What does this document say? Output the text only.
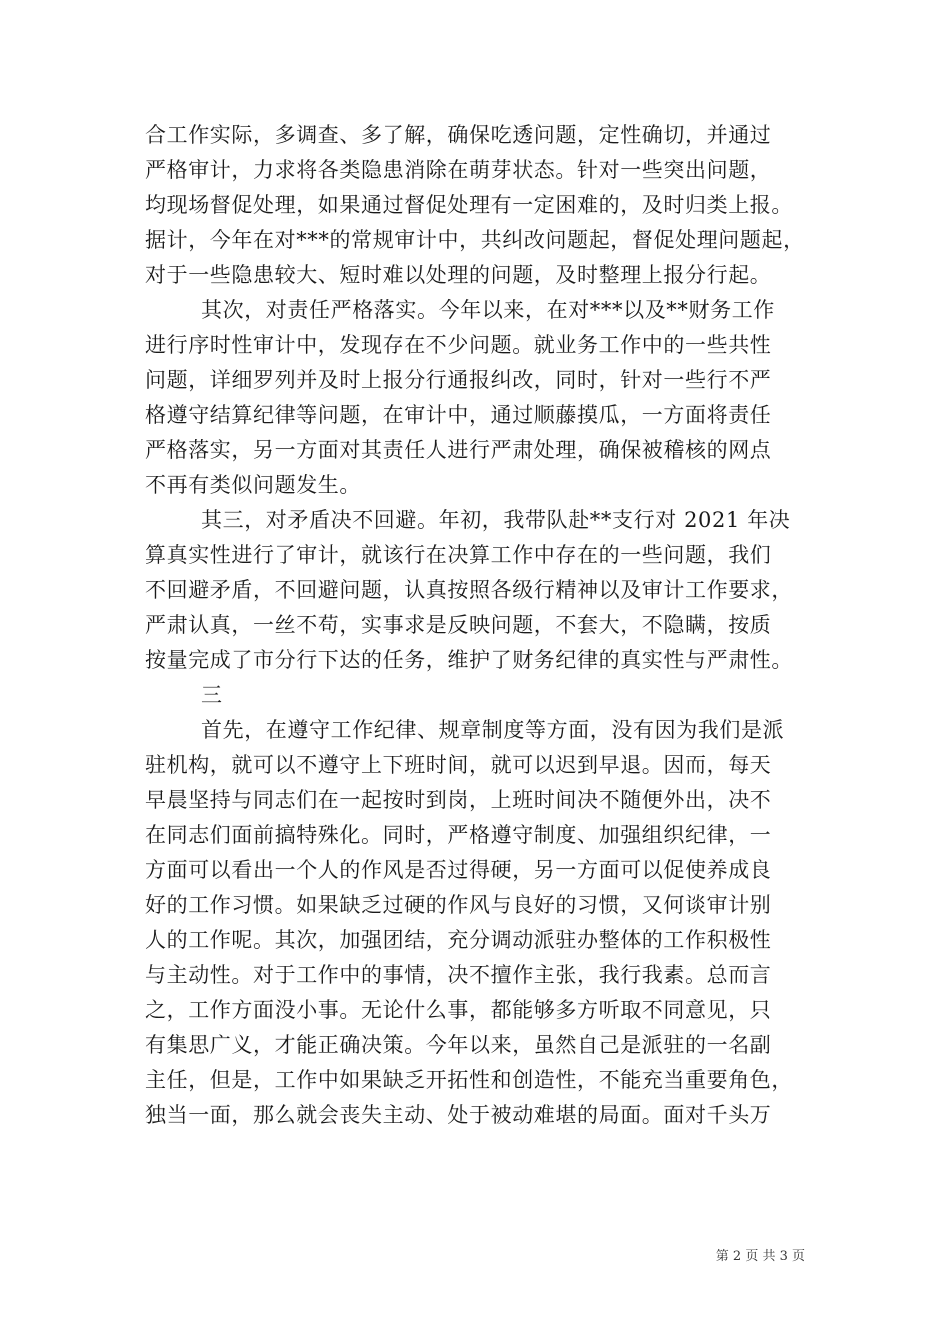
合工作实际，多调查、多了解，确保吃透问题，定性确切，并通过
严格审计，力求将各类隐患消除在萌芽状态。针对一些突出问题，
均现场督促处理，如果通过督促处理有一定困难的，及时归类上报。
据计，今年在对***的常规审计中，共纠改问题起，督促处理问题起，
对于一些隐患较大、短时难以处理的问题，及时整理上报分行起。
其次，对责任严格落实。今年以来，在对***以及**财务工作
进行序时性审计中，发现存在不少问题。就业务工作中的一些共性
问题，详细罗列并及时上报分行通报纠改，同时，针对一些行不严
格遵守结算纪律等问题，在审计中，通过顺藤摸瓜，一方面将责任
严格落实，另一方面对其责任人进行严肃处理，确保被稽核的网点
不再有类似问题发生。
其三，对矛盾决不回避。年初，我带队赴**支行对 2021 年决
算真实性进行了审计，就该行在决算工作中存在的一些问题，我们
不回避矛盾，不回避问题，认真按照各级行精神以及审计工作要求，
严肃认真，一丝不苟，实事求是反映问题，不套大，不隐瞒，按质
按量完成了市分行下达的任务，维护了财务纪律的真实性与严肃性。
三
首先，在遵守工作纪律、规章制度等方面，没有因为我们是派
驻机构，就可以不遵守上下班时间，就可以迟到早退。因而，每天
早晨坚持与同志们在一起按时到岗，上班时间决不随便外出，决不
在同志们面前搞特殊化。同时，严格遵守制度、加强组织纪律，一
方面可以看出一个人的作风是否过得硬，另一方面可以促使养成良
好的工作习惯。如果缺乏过硬的作风与良好的习惯，又何谈审计别
人的工作呢。其次，加强团结，充分调动派驻办整体的工作积极性
与主动性。对于工作中的事情，决不擅作主张，我行我素。总而言
之，工作方面没小事。无论什么事，都能够多方听取不同意见，只
有集思广义，才能正确决策。今年以来，虽然自己是派驻的一名副
主任，但是，工作中如果缺乏开拓性和创造性，不能充当重要角色，
独当一面，那么就会丧失主动、处于被动难堪的局面。面对千头万
第 2 页 共 3 页
